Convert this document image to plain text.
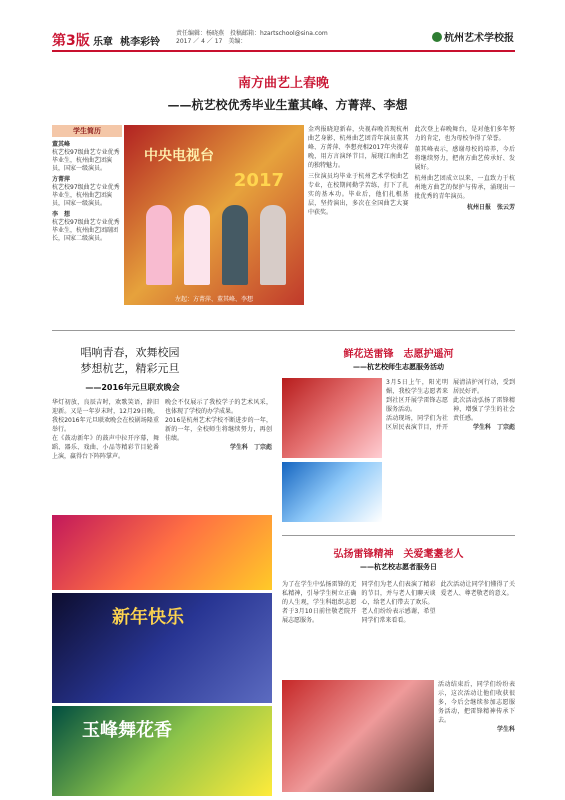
第3版 乐章 桃李彩铃
责任编辑：杨晓燕　 投稿邮箱：hzartschool@sina.com
2017 ／ 4 ／ 17　 美编：	杭州艺术学校报
南方曲艺上春晚
——杭艺校优秀毕业生董其峰、方菁萍、李想
学生简历
董其峰
杭艺校97级曲艺专业优秀毕业生，杭州曲艺团演员，国家一级演员。
方菁萍
杭艺校97级曲艺专业优秀毕业生，杭州曲艺团演员，国家一级演员。
李　想
杭艺校97级曲艺专业优秀毕业生，杭州曲艺团副团长，国家二级演员。
中央电视台
2017
左起：方菁萍、董其峰、李想

金鸡报晓迎新春，央视春晚首现杭州曲艺身影，杭州曲艺团青年演员董其峰、方菁萍、李想亮相2017年央视春晚，用方言演绎节目，展现江南曲艺的独特魅力。

三位演员均毕业于杭州艺术学校曲艺专业，在校期间勤学苦练，打下了扎实的基本功。毕业后，他们扎根基层，坚持演出，多次在全国曲艺大赛中获奖。

此次登上春晚舞台，是对他们多年努力的肯定，也为母校争得了荣誉。

董其峰表示，感谢母校的培养，今后将继续努力，把南方曲艺传承好、发展好。

杭州曲艺团成立以来，一直致力于杭州地方曲艺的保护与传承，涌现出一批优秀的青年演员。

杭州日报　张云芳

唱响青春，欢舞校园
梦想杭艺，精彩元旦
——2016年元旦联欢晚会

华灯初放，良辰吉时，欢歌笑语，辞旧迎新。又是一年岁末时，12月29日晚，我校2016年元旦联欢晚会在校剧场隆重举行。

在《鼓动新年》的鼓声中拉开序幕，舞蹈、器乐、戏曲、小品等精彩节目轮番上演，赢得台下阵阵掌声。

晚会不仅展示了我校学子的艺术风采，也体现了学校的办学成果。

2016是杭州艺术学校不断进步的一年，新的一年，全校师生将继续努力，再创佳绩。

学生科　丁宗彪

新年快乐
玉峰舞花香
鲜花送雷锋　志愿护遥河
——杭艺校师生志愿服务活动

3月5日上午，阳光明媚，我校学生志愿者来到社区开展学雷锋志愿服务活动。

活动现场，同学们为社区居民表演节目，并开展清洁护河行动，受到居民好评。

此次活动弘扬了雷锋精神，增强了学生的社会责任感。

学生科　丁宗彪

弘扬雷锋精神　关爱耄耋老人
——杭艺校志愿者服务日

为了在学生中弘扬雷锋的无私精神，引导学生树立正确的人生观，学生科组织志愿者于3月10日前往敬老院开展志愿服务。

同学们为老人们表演了精彩的节目，并与老人们聊天谈心，给老人们带去了欢乐。

老人们纷纷表示感谢，希望同学们常来看看。

此次活动让同学们懂得了关爱老人、尊老敬老的意义。

活动结束后，同学们纷纷表示，这次活动让他们收获很多，今后会继续参加志愿服务活动，把雷锋精神传承下去。

学生科
